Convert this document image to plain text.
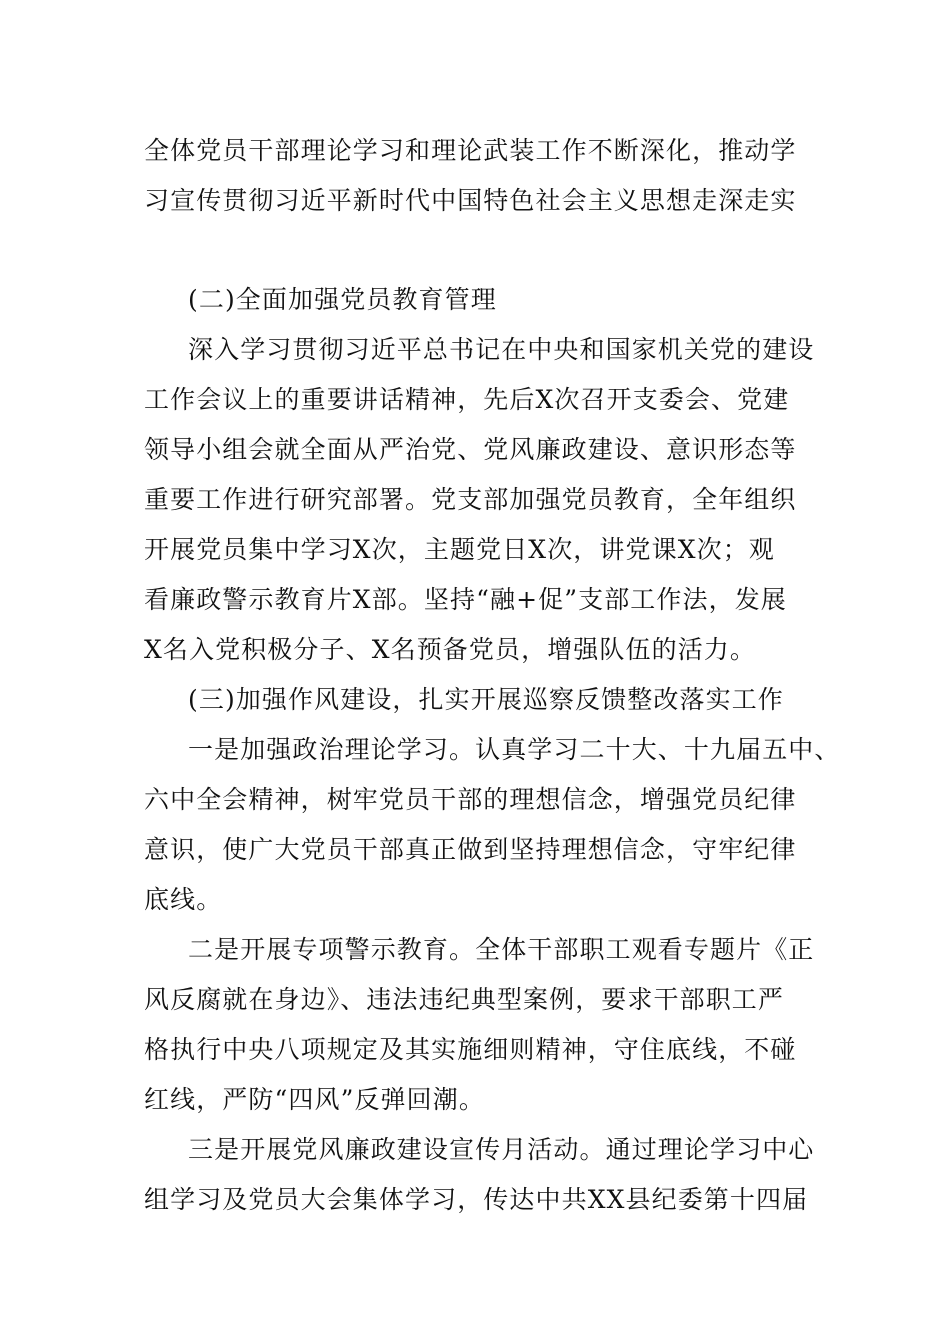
全体党员干部理论学习和理论武装工作不断深化，推动学
习宣传贯彻习近平新时代中国特色社会主义思想走深走实
(二)全面加强党员教育管理
深入学习贯彻习近平总书记在中央和国家机关党的建设
工作会议上的重要讲话精神，先后X次召开支委会、党建
领导小组会就全面从严治党、党风廉政建设、意识形态等
重要工作进行研究部署。党支部加强党员教育，全年组织
开展党员集中学习X次，主题党日X次，讲党课X次；观
看廉政警示教育片X部。坚持“融+促”支部工作法，发展
X名入党积极分子、X名预备党员，增强队伍的活力。
(三)加强作风建设，扎实开展巡察反馈整改落实工作
一是加强政治理论学习。认真学习二十大、十九届五中、
六中全会精神，树牢党员干部的理想信念，增强党员纪律
意识，使广大党员干部真正做到坚持理想信念，守牢纪律
底线。
二是开展专项警示教育。全体干部职工观看专题片《正
风反腐就在身边》、违法违纪典型案例，要求干部职工严
格执行中央八项规定及其实施细则精神，守住底线，不碰
红线，严防“四风”反弹回潮。
三是开展党风廉政建设宣传月活动。通过理论学习中心
组学习及党员大会集体学习，传达中共XX县纪委第十四届
